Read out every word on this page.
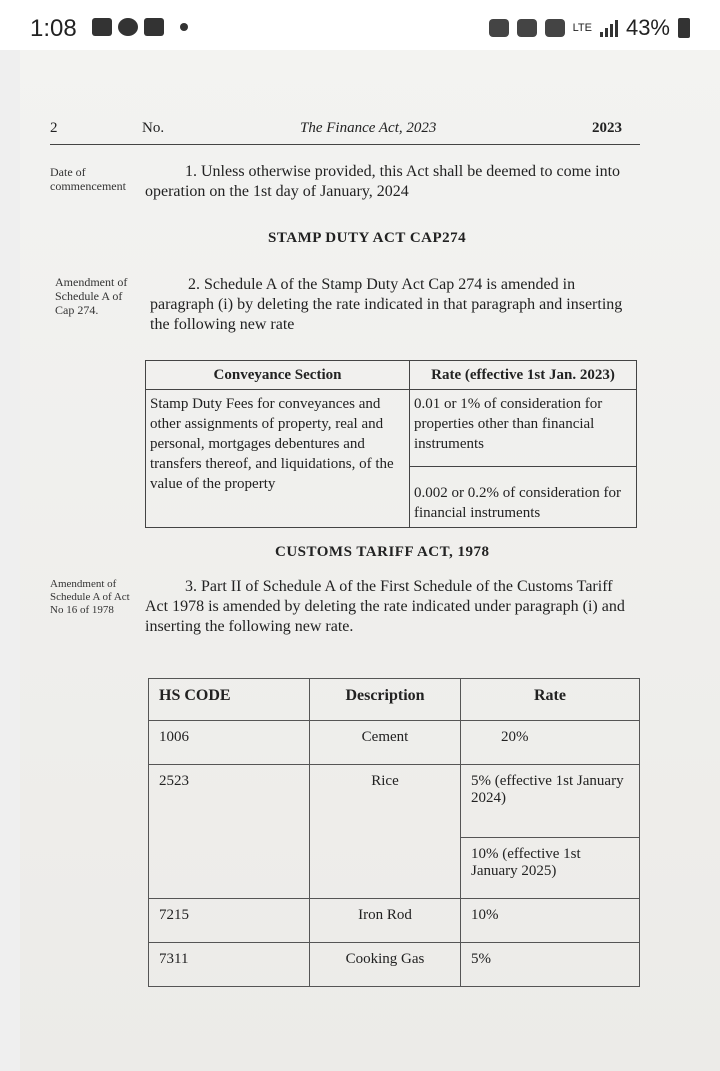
1:08	LTE 43%
2	No.	The Finance Act, 2023	2023
Date of commencement
1. Unless otherwise provided, this Act shall be deemed to come into operation on the 1st day of January, 2024
STAMP DUTY ACT CAP274
Amendment of Schedule A of Cap 274.
2. Schedule A of the Stamp Duty Act Cap 274 is amended in paragraph (i) by deleting the rate indicated in that paragraph and inserting the following new rate
Conveyance Section	Rate (effective 1st Jan. 2023)
Stamp Duty Fees for conveyances and other assignments of property, real and personal, mortgages debentures and transfers thereof, and liquidations, of the value of the property	0.01 or 1% of consideration for properties other than financial instruments
	0.002 or 0.2% of consideration for financial instruments
CUSTOMS TARIFF ACT, 1978
Amendment of Schedule A of Act No 16 of 1978
3. Part II of Schedule A of the First Schedule of the Customs Tariff Act 1978 is amended by deleting the rate indicated under paragraph (i) and inserting the following new rate.
HS CODE	Description	Rate
1006	Cement	20%
2523	Rice	5% (effective 1st January 2024)
		10% (effective 1st January 2025)
7215	Iron Rod	10%
7311	Cooking Gas	5%
